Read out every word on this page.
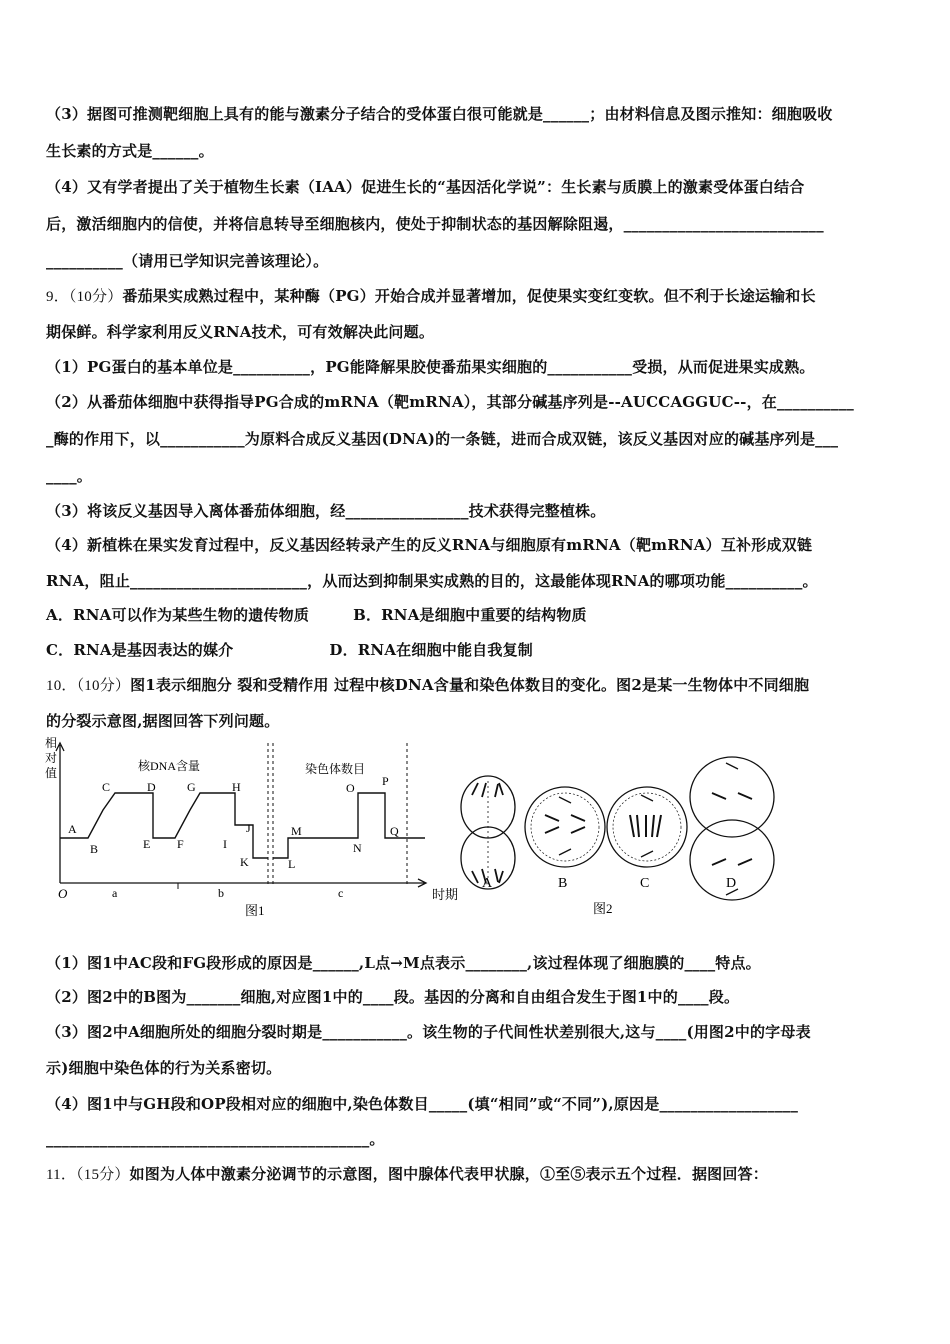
（3）据图可推测靶细胞上具有的能与激素分子结合的受体蛋白很可能就是______；由材料信息及图示推知：细胞吸收
生长素的方式是______。
（4）又有学者提出了关于植物生长素（IAA）促进生长的“基因活化学说”：生长素与质膜上的激素受体蛋白结合
后，激活细胞内的信使，并将信息转导至细胞核内，使处于抑制状态的基因解除阻遏，__________________________
__________（请用已学知识完善该理论）。
9．（10分）番茄果实成熟过程中，某种酶（PG）开始合成并显著增加，促使果实变红变软。但不利于长途运输和长
期保鲜。科学家利用反义RNA技术，可有效解决此问题。
（1）PG蛋白的基本单位是__________，PG能降解果胶使番茄果实细胞的___________受损，从而促进果实成熟。
（2）从番茄体细胞中获得指导PG合成的mRNA（靶mRNA），其部分碱基序列是--AUCCAGGUC--，在__________
_酶的作用下，以___________为原料合成反义基因(DNA)的一条链，进而合成双链，该反义基因对应的碱基序列是___
____。
（3）将该反义基因导入离体番茄体细胞，经________________技术获得完整植株。
（4）新植株在果实发育过程中，反义基因经转录产生的反义RNA与细胞原有mRNA（靶mRNA）互补形成双链
RNA，阻止_______________________，从而达到抑制果实成熟的目的，这最能体现RNA的哪项功能__________。
A．RNA可以作为某些生物的遗传物质	B．RNA是细胞中重要的结构物质
C．RNA是基因表达的媒介	D．RNA在细胞中能自我复制
10．（10分）图1表示细胞分 裂和受精作用 过程中核DNA含量和染色体数目的变化。图2是某一生物体中不同细胞
的分裂示意图,据图回答下列问题。
相
对
值
O	时期
核DNA含量	染色体数目
a	b	c
A
B
C	D
E F
G	H
I
J
K	L
M
N
O P
Q
图1
A	B	C	D
图2
（1）图1中AC段和FG段形成的原因是______,L点→M点表示________,该过程体现了细胞膜的____特点。
（2）图2中的B图为_______细胞,对应图1中的____段。基因的分离和自由组合发生于图1中的____段。
（3）图2中A细胞所处的细胞分裂时期是___________。该生物的子代间性状差别很大,这与____(用图2中的字母表
示)细胞中染色体的行为关系密切。
（4）图1中与GH段和OP段相对应的细胞中,染色体数目_____(填“相同”或“不同”),原因是__________________
__________________________________________。
11．（15分）如图为人体中激素分泌调节的示意图，图中腺体代表甲状腺，①至⑤表示五个过程．据图回答：
